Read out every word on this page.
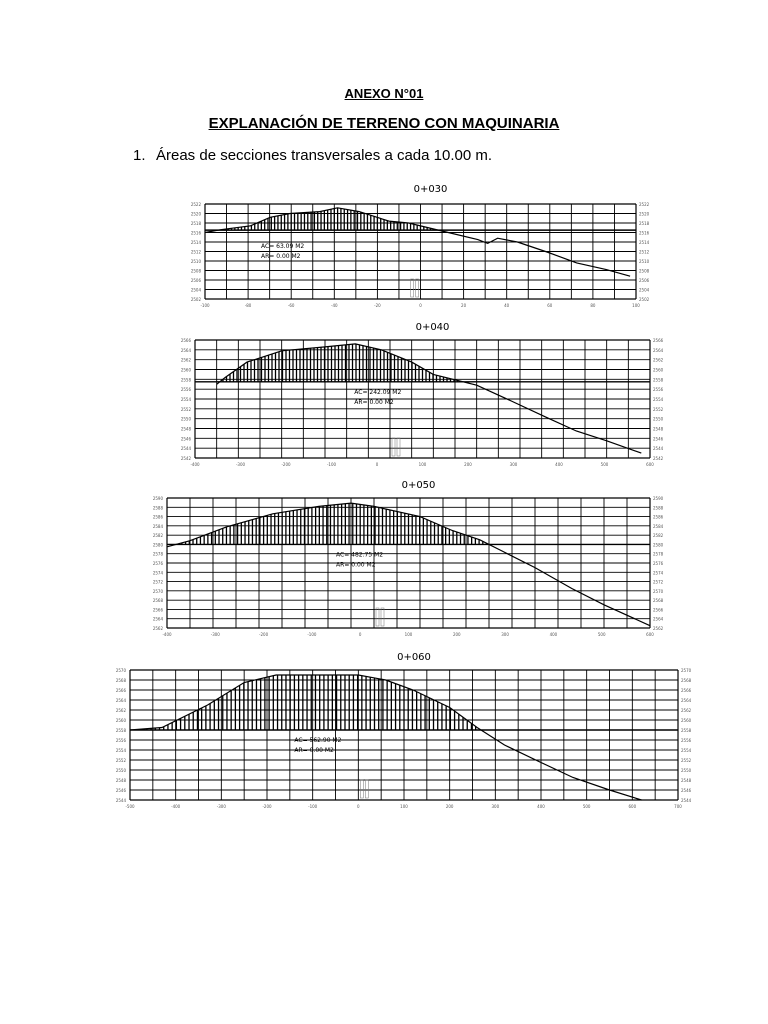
ANEXO N°01
EXPLANACIÓN DE TERRENO CON MAQUINARIA
1. Áreas de secciones transversales a cada 10.00 m.
0+030
2522	2522
2520	2520
2518	2518
2516	2516
2514	2514
2512	2512
2510	2510
2508	2508
2506	2506
2504	2504
2502	2502
-100	-80	-60	-40	-20	0	20	40	60	80	100
AC= 63.09 M2
AR= 0.00 M2
0+040
2566	2566
2564	2564
2562	2562
2560	2560
2558	2558
2556	2556
2554	2554
2552	2552
2550	2550
2548	2548
2546	2546
2544	2544
2542	2542
-400	-300	-200	-100	0	100	200	300	400	500	600
AC= 242.09 M2
AR= 0.00 M2
0+050
2590	2590
2588	2588
2586	2586
2584	2584
2582	2582
2580	2580
2578	2578
2576	2576
2574	2574
2572	2572
2570	2570
2568	2568
2566	2566
2564	2564
2562	2562
-400	-300	-200	-100	0	100	200	300	400	500	600
AC= 482.75 M2
AR= 0.00 M2
0+060
2570	2570
2568	2568
2566	2566
2564	2564
2562	2562
2560	2560
2558	2558
2556	2556
2554	2554
2552	2552
2550	2550
2548	2548
2546	2546
2544	2544
-500	-400	-300	-200	-100	0	100	200	300	400	500	600	700
AC= 562.90 M2
AR= 0.00 M2
